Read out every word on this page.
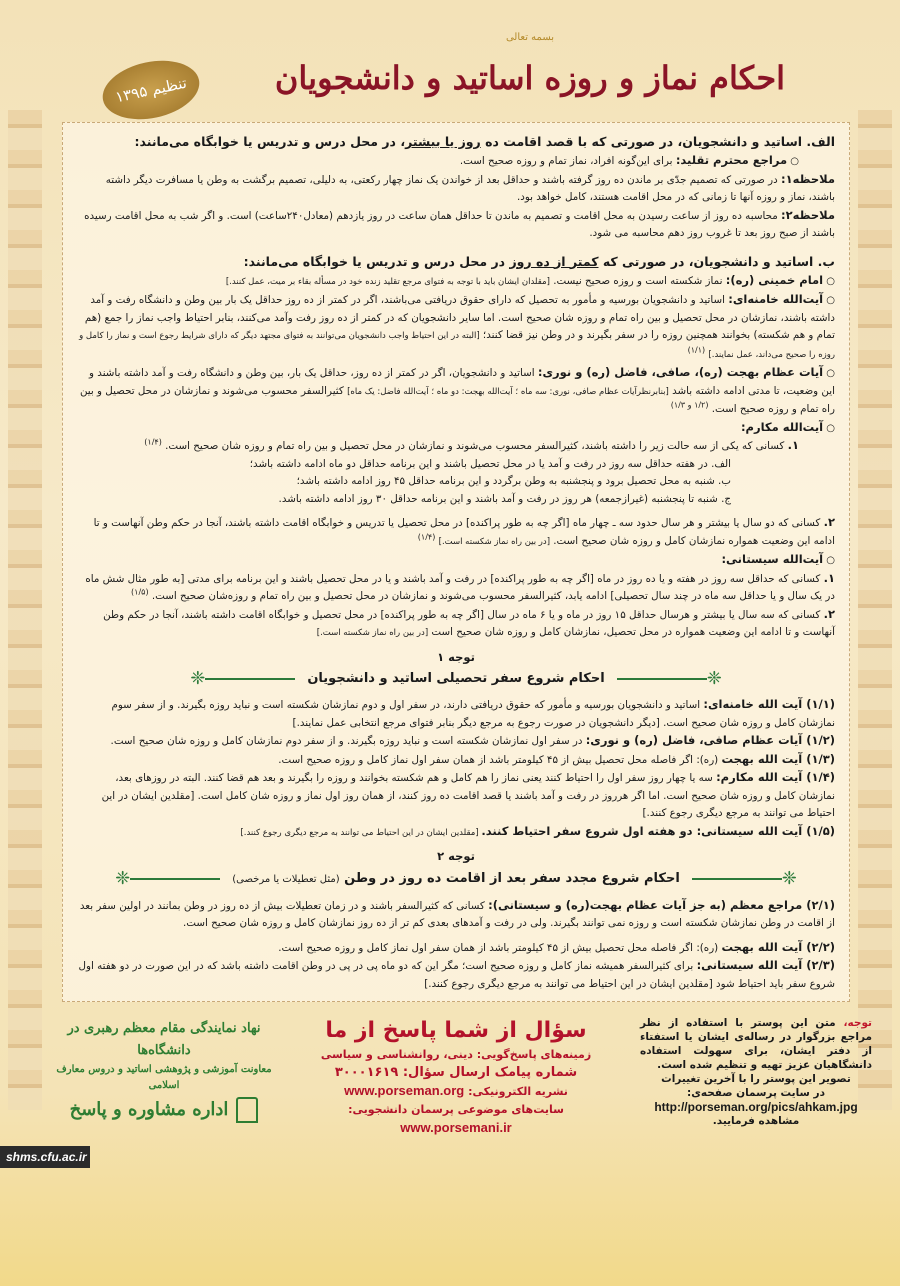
تنظیم ۱۳۹۵
بسمه تعالی
احکام نماز و روزه اساتید و دانشجویان

الف. اساتید و دانشجویان، در صورتی که با قصد اقامت ده روز یا بیشتر، در محل درس و تدریس یا خوابگاه می‌مانند:

○ مراجع محترم تقلید: برای این‌گونه افراد، نماز تمام و روزه صحیح است.

ملاحظه۱: در صورتی که تصمیم جدّی بر ماندن ده روز گرفته باشند و حداقل بعد از خواندن یک نماز چهار رکعتی، به دلیلی، تصمیم برگشت به وطن یا مسافرت دیگر داشته باشند، نماز و روزه آنها تا زمانی که در محل اقامت هستند، کامل خواهد بود.

ملاحظه۲: محاسبه ده روز از ساعت رسیدن به محل اقامت و تصمیم به ماندن تا حداقل همان ساعت در روز یازدهم (معادل۲۴۰ساعت) است. و اگر شب به محل اقامت رسیده باشند از صبح روز بعد تا غروب روز دهم محاسبه می شود.

ب. اساتید و دانشجویان، در صورتی که کمتر از ده روز در محل درس و تدریس یا خوابگاه می‌مانند:

○ امام خمینی (ره): نماز شکسته است و روزه صحیح نیست. [مقلدان ایشان باید با توجه به فتوای مرجع تقلید زنده خود در مسأله بقاء بر میت، عمل کنند.]

○ آیت‌الله خامنه‌ای: اساتید و دانشجویان بورسیه و مأمور به تحصیل که دارای حقوق دریافتی می‌باشند، اگر در کمتر از ده روز حداقل یک بار بین وطن و دانشگاه رفت و آمد داشته باشند، نمازشان در محل تحصیل و بین راه تمام و روزه شان صحیح است. اما سایر دانشجویان که در کمتر از ده روز رفت وآمد می‌کنند، بنابر احتیاط واجب نماز را جمع (هم تمام و هم شکسته) بخوانند همچنین روزه را در سفر بگیرند و در وطن نیز قضا کنند؛ [البته در این احتیاط واجب دانشجویان می‌توانند به فتوای مجتهد دیگر که دارای شرایط رجوع است و نماز را کامل و روزه را صحیح می‌داند، عمل نمایند.] $^{(۱/۱)}$

○ آیات عظام بهجت (ره)، صافی، فاضل (ره) و نوری: اساتید و دانشجویان، اگر در کمتر از ده روز، حداقل یک بار، بین وطن و دانشگاه رفت و آمد داشته باشند و این وضعیت، تا مدتی ادامه داشته باشد [بنابرنظرآیات عظام صافی، نوری: سه ماه ؛ آیت‌الله بهجت: دو ماه ؛ آیت‌الله فاضل: یک ماه] کثیرالسفر محسوب می‌شوند و نمازشان در محل تحصیل و بین راه تمام و روزه صحیح است. $^{(۱/۲ و ۱/۳)}$

○ آیت‌الله مکارم:

۱. کسانی که یکی از سه حالت زیر را داشته باشند، کثیرالسفر محسوب می‌شوند و نمازشان در محل تحصیل و بین راه تمام و روزه شان صحیح است. $^{(۱/۴)}$

الف. در هفته حداقل سه روز در رفت و آمد یا در محل تحصیل باشند و این برنامه حداقل دو ماه ادامه داشته باشد؛

ب. شنبه به محل تحصیل برود و پنجشنبه به وطن برگردد و این برنامه حداقل ۴۵ روز ادامه داشته باشد؛

ج. شنبه تا پنجشنبه (غیرازجمعه) هر روز در رفت و آمد باشند و این برنامه حداقل ۳۰ روز ادامه داشته باشد.

۲. کسانی که دو سال یا بیشتر و هر سال حدود سه ـ چهار ماه [اگر چه به طور پراکنده] در محل تحصیل یا تدریس و خوابگاه اقامت داشته باشند، آنجا در حکم وطن آنهاست و تا ادامه این وضعیت همواره نمازشان کامل و روزه شان صحیح است. [در بین راه نماز شکسته است.] $^{(۱/۴)}$

○ آیت‌الله سیستانی:

۱. کسانی که حداقل سه روز در هفته و یا ده روز در ماه [اگر چه به طور پراکنده] در رفت و آمد باشند و یا در محل تحصیل باشند و این برنامه برای مدتی [به طور مثال شش ماه در یک سال و یا حداقل سه ماه در چند سال تحصیلی] ادامه یابد، کثیرالسفر محسوب می‌شوند و نمازشان در محل تحصیل و بین راه تمام و روزه‌شان صحیح است. $^{(۱/۵)}$

۲. کسانی که سه سال یا بیشتر و هرسال حداقل ۱۵ روز در ماه و یا ۶ ماه در سال [اگر چه به طور پراکنده] در محل تحصیل و خوابگاه اقامت داشته باشند، آنجا در حکم وطن آنهاست و تا ادامه این وضعیت همواره در محل تحصیل، نمازشان کامل و روزه شان صحیح است [در بین راه نماز شکسته است.]

توجه ۱

❈
احکام شروع سفر تحصیلی اساتید و دانشجویان
❈

(۱/۱) آیت الله خامنه‌ای: اساتید و دانشجویان بورسیه و مأمور که حقوق دریافتی دارند، در سفر اول و دوم نمازشان شکسته است و نباید روزه بگیرند. و از سفر سوم نمازشان کامل و روزه شان صحیح است. [دیگر دانشجویان در صورت رجوع به مرجع دیگر بنابر فتوای مرجع انتخابی عمل نمایند.]

(۱/۲) آیات عظام صافی، فاضل (ره) و نوری: در سفر اول نمازشان شکسته است و نباید روزه بگیرند. و از سفر دوم نمازشان کامل و روزه شان صحیح است.

(۱/۳) آیت الله بهجت (ره): اگر فاصله محل تحصیل بیش از ۴۵ کیلومتر باشد از همان سفر اول نماز کامل و روزه صحیح است.

(۱/۴) آیت الله مکارم: سه یا چهار روز سفر اول را احتیاط کنند یعنی نماز را هم کامل و هم شکسته بخوانند و روزه را بگیرند و بعد هم قضا کنند. البته در روزهای بعد، نمازشان کامل و روزه شان صحیح است. اما اگر هرروز در رفت و آمد باشند یا قصد اقامت ده روز کنند، از همان روز اول نماز و روزه شان کامل است. [مقلدین ایشان در این احتیاط می توانند به مرجع دیگری رجوع کنند.]

(۱/۵) آیت الله سیستانی: دو هفته اول شروع سفر احتیاط کنند. [مقلدین ایشان در این احتیاط می توانند به مرجع دیگری رجوع کنند.]

توجه ۲

❈
احکام شروع مجدد سفر بعد از اقامت ده روز در وطن (مثل تعطیلات یا مرخصی)
❈

(۲/۱) مراجع معظم (به جز آیات عظام بهجت(ره) و سیستانی): کسانی که کثیرالسفر باشند و در زمان تعطیلات بیش از ده روز در وطن بمانند در اولین سفر بعد از اقامت در وطن نمازشان شکسته است و روزه نمی توانند بگیرند. ولی در رفت و آمدهای بعدی کم تر از ده روز نمازشان کامل و روزه شان صحیح است.

(۲/۲) آیت الله بهجت (ره): اگر فاصله محل تحصیل بیش از ۴۵ کیلومتر باشد از همان سفر اول نماز کامل و روزه صحیح است.

(۲/۳) آیت الله سیستانی: برای کثیرالسفر همیشه نماز کامل و روزه صحیح است؛ مگر این که دو ماه پی در پی در وطن اقامت داشته باشد که در این صورت در دو هفته اول شروع سفر باید احتیاط شود [مقلدین ایشان در این احتیاط می توانند به مرجع دیگری رجوع کنند.]

توجه، متن این پوستر با استفاده از نظر مراجع بزرگوار در رساله‌ی ایشان یا استفتاء از دفتر ایشان، برای سهولت استفاده دانشگاهیان عزیز تهیه و تنظیم شده است.

تصویر این پوستر را با آخرین تغییرات

در سایت پرسمان صفحه‌ی:

http://porseman.org/pics/ahkam.jpg

مشاهده فرمایید.

سؤال از شما پاسخ از ما

زمینه‌های پاسخ‌گویی: دینی، روانشناسی و سیاسی

شماره پیامک ارسال سؤال: ۳۰۰۰۱۶۱۹

نشریه الکترونیکی: www.porseman.org

سایت‌های موضوعی پرسمان دانشجویی: www.porsemani.ir

نهاد نمایندگی مقام معظم رهبری در دانشگاه‌ها

معاونت آموزشی و پژوهشی اساتید و دروس معارف اسلامی

اداره مشاوره و پاسخ

shms.cfu.ac.ir
